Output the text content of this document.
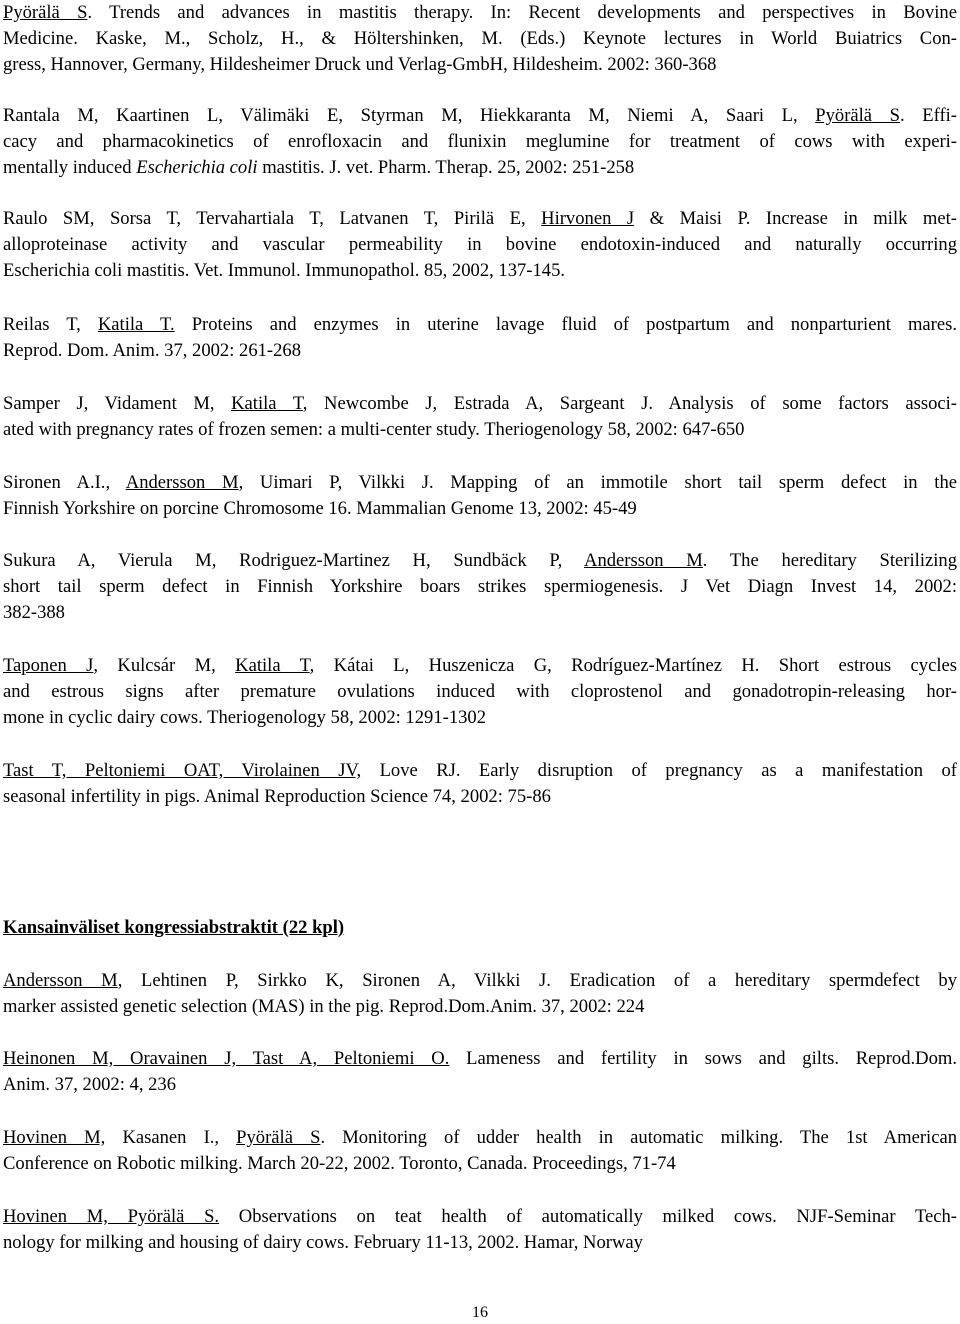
Pyörälä S. Trends and advances in mastitis therapy. In: Recent developments and perspectives in Bovine
Medicine. Kaske, M., Scholz, H., & Höltershinken, M. (Eds.) Keynote lectures in World Buiatrics Con-
gress, Hannover, Germany, Hildesheimer Druck und Verlag-GmbH, Hildesheim. 2002: 360-368
Rantala M, Kaartinen L, Välimäki E, Styrman M, Hiekkaranta M, Niemi A, Saari L, Pyörälä S. Effi-
cacy and pharmacokinetics of enrofloxacin and flunixin meglumine for treatment of cows with experi-
mentally induced Escherichia coli mastitis. J. vet. Pharm. Therap. 25, 2002: 251-258
Raulo SM, Sorsa T, Tervahartiala T, Latvanen T, Pirilä E, Hirvonen J & Maisi P. Increase in milk met-
alloproteinase activity and vascular permeability in bovine endotoxin-induced and naturally occurring
Escherichia coli mastitis. Vet. Immunol. Immunopathol. 85, 2002, 137-145.
Reilas T, Katila T. Proteins and enzymes in uterine lavage fluid of postpartum and nonparturient mares.
Reprod. Dom. Anim. 37, 2002: 261-268
Samper J, Vidament M, Katila T, Newcombe J, Estrada A, Sargeant J. Analysis of some factors associ-
ated with pregnancy rates of frozen semen: a multi-center study. Theriogenology 58, 2002: 647-650
Sironen A.I., Andersson M, Uimari P, Vilkki J. Mapping of an immotile short tail sperm defect in the
Finnish Yorkshire on porcine Chromosome 16. Mammalian Genome 13, 2002: 45-49
Sukura A, Vierula M, Rodriguez-Martinez H, Sundbäck P, Andersson M. The hereditary Sterilizing
short tail sperm defect in Finnish Yorkshire boars strikes spermiogenesis. J Vet Diagn Invest 14, 2002:
382-388
Taponen J, Kulcsár M, Katila T, Kátai L, Huszenicza G, Rodríguez-Martínez H. Short estrous cycles
and estrous signs after premature ovulations induced with cloprostenol and gonadotropin-releasing hor-
mone in cyclic dairy cows. Theriogenology 58, 2002: 1291-1302
Tast T, Peltoniemi OAT, Virolainen JV, Love RJ. Early disruption of pregnancy as a manifestation of
seasonal infertility in pigs. Animal Reproduction Science 74, 2002: 75-86
Kansainväliset kongressiabstraktit (22 kpl)
Andersson M, Lehtinen P, Sirkko K, Sironen A, Vilkki J. Eradication of a hereditary spermdefect by
marker assisted genetic selection (MAS) in the pig. Reprod.Dom.Anim. 37, 2002: 224
Heinonen M, Oravainen J, Tast A, Peltoniemi O. Lameness and fertility in sows and gilts. Reprod.Dom.
Anim. 37, 2002: 4, 236
Hovinen M, Kasanen I., Pyörälä S. Monitoring of udder health in automatic milking. The 1st American
Conference on Robotic milking. March 20-22, 2002. Toronto, Canada. Proceedings, 71-74
Hovinen M, Pyörälä S. Observations on teat health of automatically milked cows. NJF-Seminar Tech-
nology for milking and housing of dairy cows. February 11-13, 2002. Hamar, Norway
16
